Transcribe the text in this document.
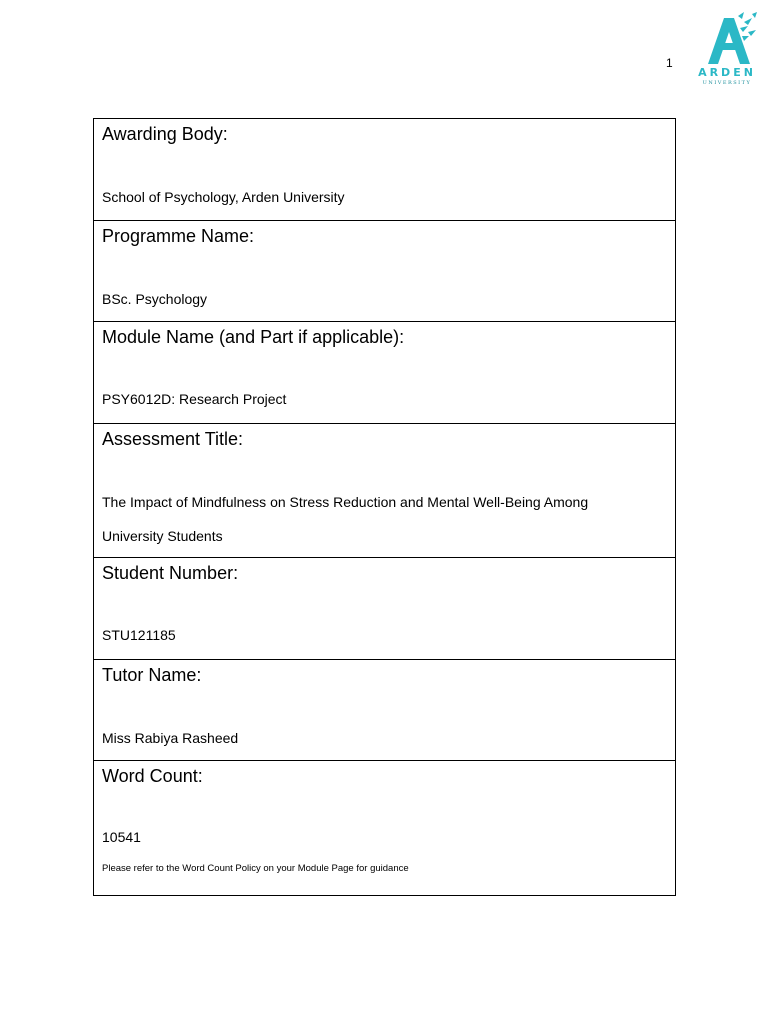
1
ARDEN
UNIVERSITY
Awarding Body:
School of Psychology, Arden University
Programme Name:
BSc. Psychology
Module Name (and Part if applicable):
PSY6012D: Research Project
Assessment Title:
The Impact of Mindfulness on Stress Reduction and Mental Well-Being Among
University Students
Student Number:
STU121185
Tutor Name:
Miss Rabiya Rasheed
Word Count:
10541
Please refer to the Word Count Policy on your Module Page for guidance
